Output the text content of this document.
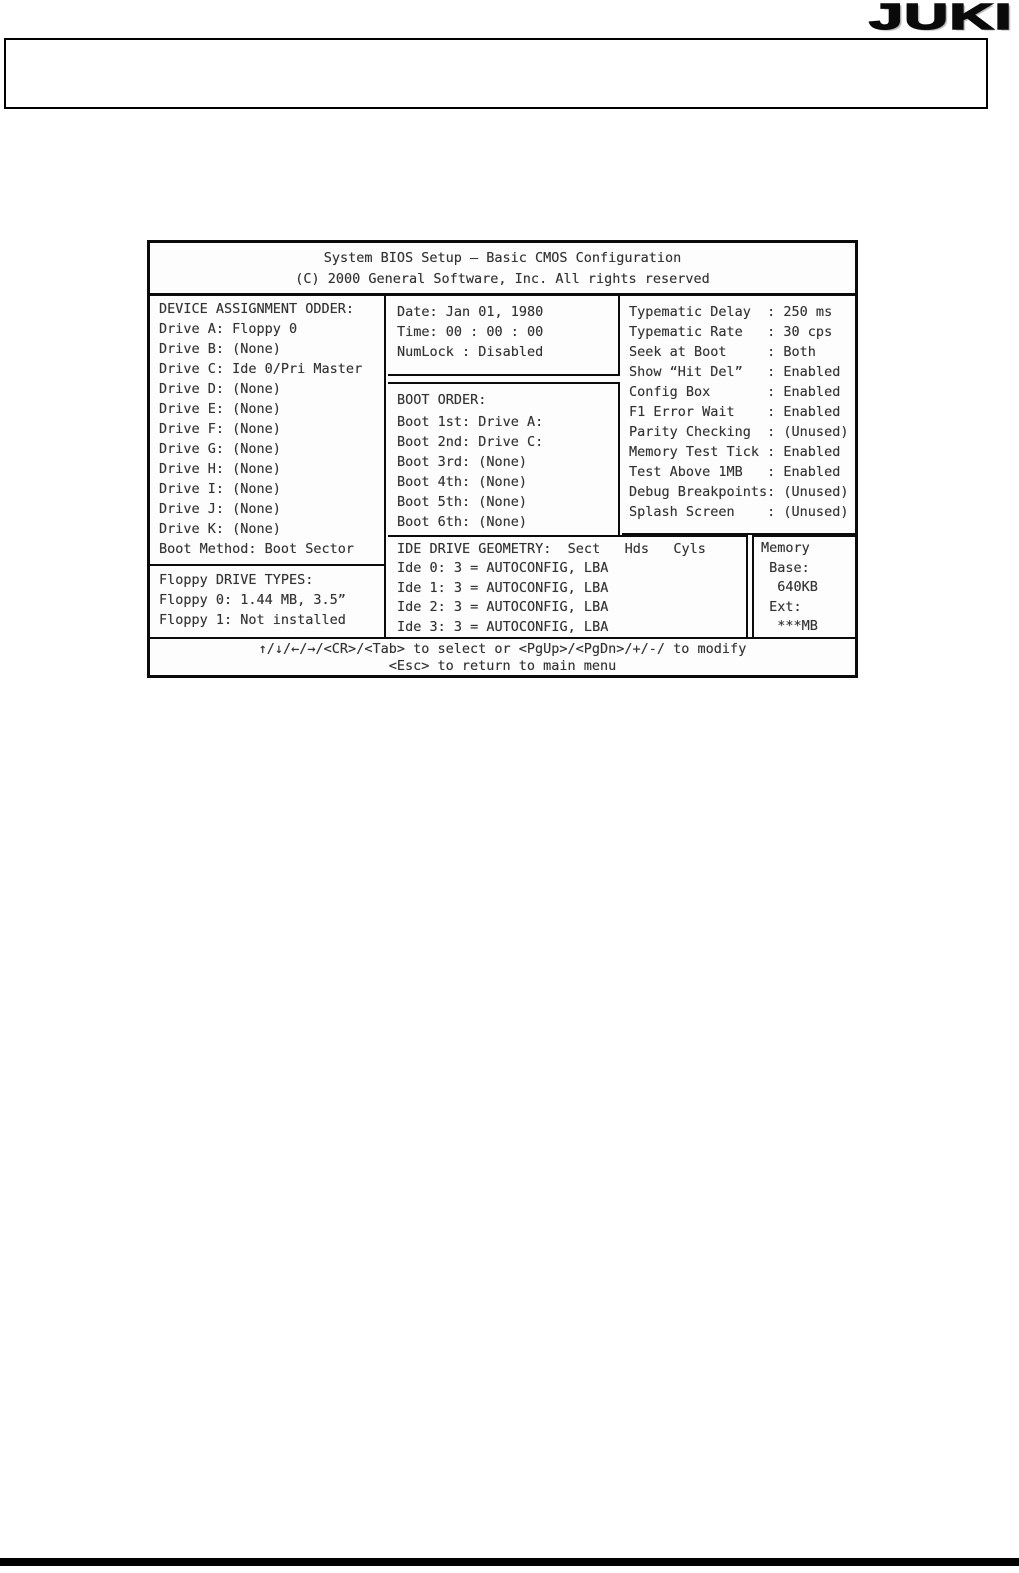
JUKI
System BIOS Setup — Basic CMOS Configuration
(C) 2000 General Software, Inc. All rights reserved
DEVICE ASSIGNMENT ODDER:
Drive A: Floppy 0
Drive B: (None)
Drive C: Ide 0/Pri Master
Drive D: (None)
Drive E: (None)
Drive F: (None)
Drive G: (None)
Drive H: (None)
Drive I: (None)
Drive J: (None)
Drive K: (None)
Boot Method: Boot Sector
Floppy DRIVE TYPES:
Floppy 0: 1.44 MB, 3.5”
Floppy 1: Not installed
Date: Jan 01, 1980
Time: 00 : 00 : 00
NumLock : Disabled
BOOT ORDER:
Boot 1st: Drive A:
Boot 2nd: Drive C:
Boot 3rd: (None)
Boot 4th: (None)
Boot 5th: (None)
Boot 6th: (None)
Typematic Delay  : 250 ms
Typematic Rate   : 30 cps
Seek at Boot     : Both
Show “Hit Del”   : Enabled
Config Box       : Enabled
F1 Error Wait    : Enabled
Parity Checking  : (Unused)
Memory Test Tick : Enabled
Test Above 1MB   : Enabled
Debug Breakpoints: (Unused)
Splash Screen    : (Unused)
IDE DRIVE GEOMETRY:  Sect   Hds   Cyls
Ide 0: 3 = AUTOCONFIG, LBA
Ide 1: 3 = AUTOCONFIG, LBA
Ide 2: 3 = AUTOCONFIG, LBA
Ide 3: 3 = AUTOCONFIG, LBA
Memory
Base:
640KB
Ext:
***MB
↑/↓/←/→/<CR>/<Tab> to select or <PgUp>/<PgDn>/+/-/ to modify
<Esc> to return to main menu
